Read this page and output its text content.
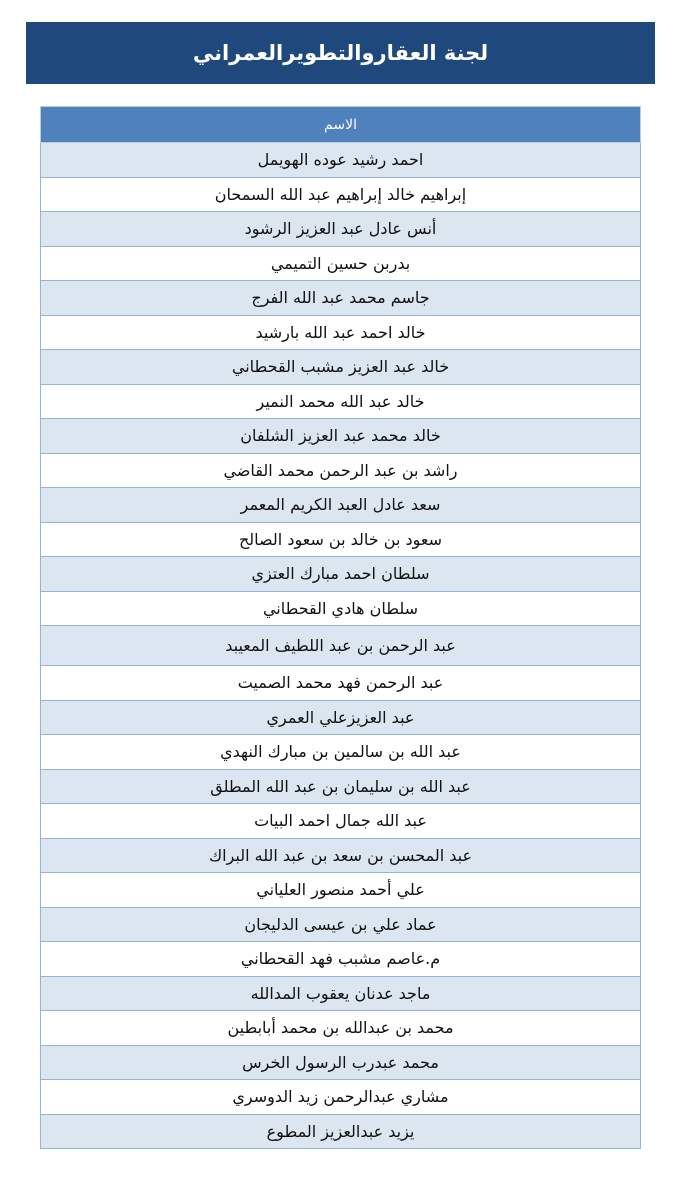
لجنة العقاروالتطويرالعمراني
الاسم
احمد رشيد عوده الهويمل
إبراهيم خالد إبراهيم عبد الله السمحان
أنس عادل عبد العزيز الرشود
بدربن حسين التميمي
جاسم محمد عبد الله الفرج
خالد احمد عبد الله بارشيد
خالد عبد العزيز مشبب القحطاني
خالد عبد الله محمد النمير
خالد محمد عبد العزيز الشلفان
راشد بن عبد الرحمن محمد القاضي
سعد عادل العبد الكريم المعمر
سعود بن خالد بن سعود الصالح
سلطان احمد مبارك العتزي
سلطان هادي القحطاني
عبد الرحمن بن عبد اللطيف المعيبد
عبد الرحمن فهد محمد الصميت
عبد العزيزعلي العمري
عبد الله بن سالمين بن مبارك النهدي
عبد الله بن سليمان بن عبد الله المطلق
عبد الله جمال احمد البيات
عبد المحسن بن سعد بن عبد الله البراك
علي أحمد منصور العلياني
عماد علي بن عيسى الدليجان
م.عاصم مشبب فهد القحطاني
ماجد عدنان يعقوب المدالله
محمد بن عبدالله بن محمد أبابطين
محمد عبدرب الرسول الخرس
مشاري عبدالرحمن زيد الدوسري
يزيد عبدالعزيز المطوع
